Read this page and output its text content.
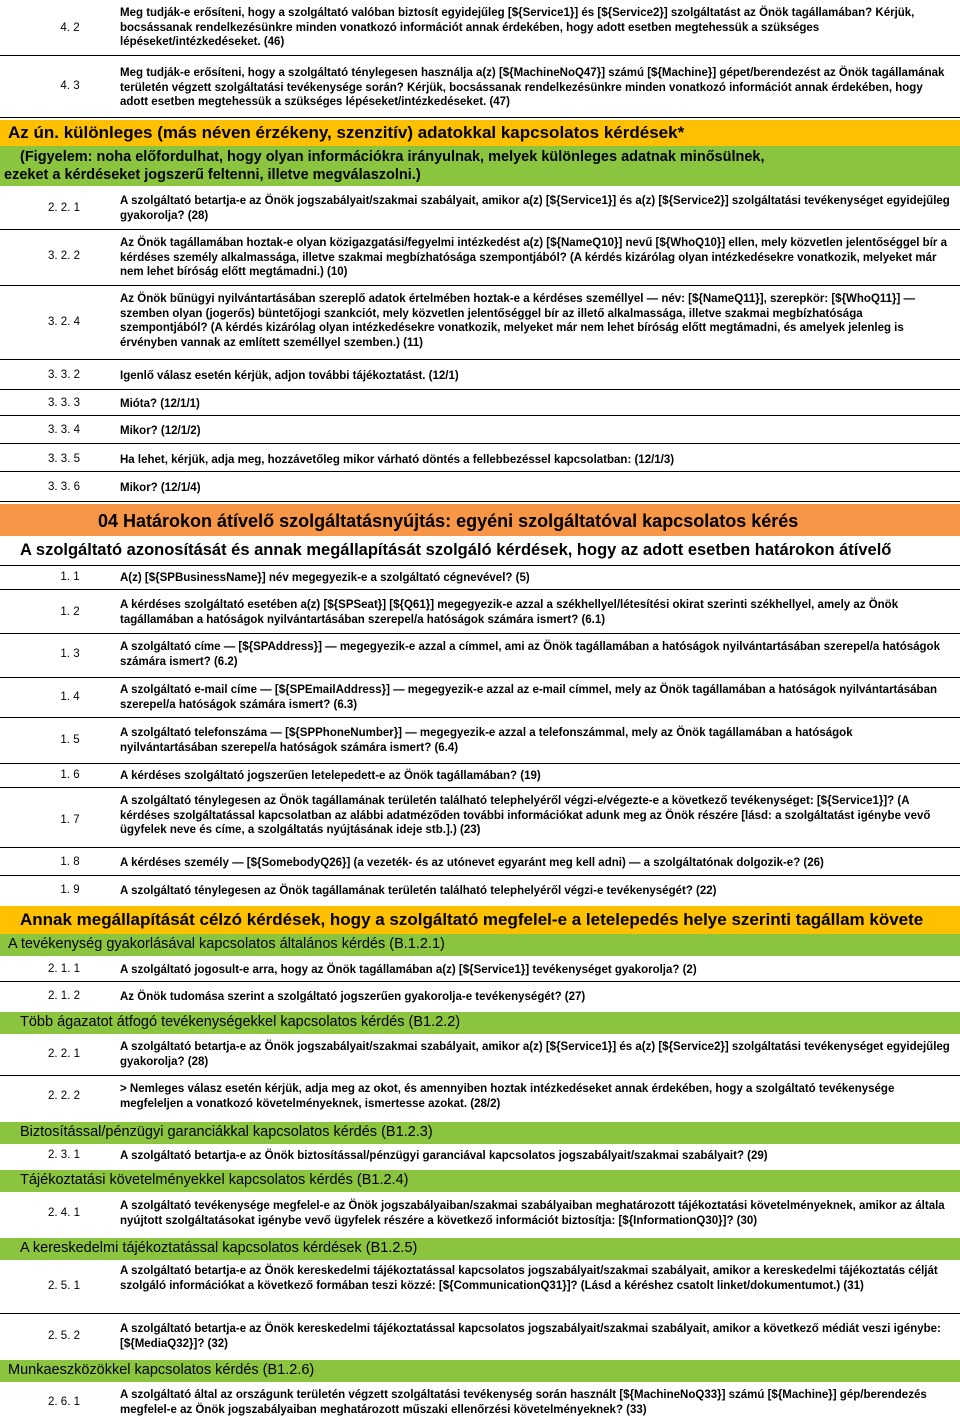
4. 2
Meg tudják-e erősíteni, hogy a szolgáltató valóban biztosít egyidejűleg [${Service1}] és [${Service2}] szolgáltatást az Önök tagállamában? Kérjük, bocsássanak rendelkezésünkre minden vonatkozó információt annak érdekében, hogy adott esetben megtehessük a szükséges lépéseket/intézkedéseket. (46)
4. 3
Meg tudják-e erősíteni, hogy a szolgáltató ténylegesen használja a(z) [${MachineNoQ47}] számú [${Machine}] gépet/berendezést az Önök tagállamának területén végzett szolgáltatási tevékenysége során? Kérjük, bocsássanak rendelkezésünkre minden vonatkozó információt annak érdekében, hogy adott esetben megtehessük a szükséges lépéseket/intézkedéseket. (47)
Az ún. különleges (más néven érzékeny, szenzitív) adatokkal kapcsolatos kérdések*
(Figyelem: noha előfordulhat, hogy olyan információkra irányulnak, melyek különleges adatnak minősülnek,
ezeket a kérdéseket jogszerű feltenni, illetve megválaszolni.)
2. 2. 1
A szolgáltató betartja-e az Önök jogszabályait/szakmai szabályait, amikor a(z) [${Service1}] és a(z) [${Service2}] szolgáltatási tevékenységet egyidejűleg gyakorolja? (28)
3. 2. 2
Az Önök tagállamában hoztak-e olyan közigazgatási/fegyelmi intézkedést a(z) [${NameQ10}] nevű [${WhoQ10}] ellen, mely közvetlen jelentőséggel bír a kérdéses személy alkalmassága, illetve szakmai megbízhatósága szempontjából? (A kérdés kizárólag olyan intézkedésekre vonatkozik, melyeket már nem lehet bíróság előtt megtámadni.) (10)
3. 2. 4
Az Önök bűnügyi nyilvántartásában szereplő adatok értelmében hoztak-e a kérdéses személlyel — név: [${NameQ11}], szerepkör: [${WhoQ11}] — szemben olyan (jogerős) büntetőjogi szankciót, mely közvetlen jelentőséggel bír az illető alkalmassága, illetve szakmai megbízhatósága szempontjából? (A kérdés kizárólag olyan intézkedésekre vonatkozik, melyeket már nem lehet bíróság előtt megtámadni, és amelyek jelenleg is érvényben vannak az említett személlyel szemben.) (11)
3. 3. 2	Igenlő válasz esetén kérjük, adjon további tájékoztatást. (12/1)
3. 3. 3	Mióta? (12/1/1)
3. 3. 4	Mikor? (12/1/2)
3. 3. 5	Ha lehet, kérjük, adja meg, hozzávetőleg mikor várható döntés a fellebbezéssel kapcsolatban: (12/1/3)
3. 3. 6	Mikor? (12/1/4)
04 Határokon átívelő szolgáltatásnyújtás: egyéni szolgáltatóval kapcsolatos kérés
A szolgáltató azonosítását és annak megállapítását szolgáló kérdések, hogy az adott esetben határokon átívelő
1. 1	A(z) [${SPBusinessName}] név megegyezik-e a szolgáltató cégnevével? (5)
1. 2
A kérdéses szolgáltató esetében a(z) [${SPSeat}] [${Q61}] megegyezik-e azzal a székhellyel/létesítési okirat szerinti székhellyel, amely az Önök tagállamában a hatóságok nyilvántartásában szerepel/a hatóságok számára ismert? (6.1)
1. 3
A szolgáltató címe — [${SPAddress}] — megegyezik-e azzal a címmel, ami az Önök tagállamában a hatóságok nyilvántartásában szerepel/a hatóságok számára ismert? (6.2)
1. 4
A szolgáltató e-mail címe — [${SPEmailAddress}] — megegyezik-e azzal az e-mail címmel, mely az Önök tagállamában a hatóságok nyilvántartásában szerepel/a hatóságok számára ismert? (6.3)
1. 5
A szolgáltató telefonszáma — [${SPPhoneNumber}] — megegyezik-e azzal a telefonszámmal, mely az Önök tagállamában a hatóságok nyilvántartásában szerepel/a hatóságok számára ismert? (6.4)
1. 6	A kérdéses szolgáltató jogszerűen letelepedett-e az Önök tagállamában? (19)
1. 7
A szolgáltató ténylegesen az Önök tagállamának területén található telephelyéről végzi-e/végezte-e a következő tevékenységet: [${Service1}]? (A kérdéses szolgáltatással kapcsolatban az alábbi adatméződen további információkat adunk meg az Önök részére [lásd: a szolgáltatást igénybe vevő ügyfelek neve és címe, a szolgáltatás nyújtásának ideje stb.].) (23)
1. 8	A kérdéses személy — [${SomebodyQ26}] (a vezeték- és az utónevet egyaránt meg kell adni) — a szolgáltatónak dolgozik-e? (26)
1. 9	A szolgáltató ténylegesen az Önök tagállamának területén található telephelyéről végzi-e tevékenységét? (22)
Annak megállapítását célzó kérdések, hogy a szolgáltató megfelel-e a letelepedés helye szerinti tagállam követe
A tevékenység gyakorlásával kapcsolatos általános kérdés (B.1.2.1)
2. 1. 1	A szolgáltató jogosult-e arra, hogy az Önök tagállamában a(z) [${Service1}] tevékenységet gyakorolja? (2)
2. 1. 2	Az Önök tudomása szerint a szolgáltató jogszerűen gyakorolja-e tevékenységét? (27)
Több ágazatot átfogó tevékenységekkel kapcsolatos kérdés (B1.2.2)
2. 2. 1
A szolgáltató betartja-e az Önök jogszabályait/szakmai szabályait, amikor a(z) [${Service1}] és a(z) [${Service2}] szolgáltatási tevékenységet egyidejűleg gyakorolja? (28)
2. 2. 2
> Nemleges válasz esetén kérjük, adja meg az okot, és amennyiben hoztak intézkedéseket annak érdekében, hogy a szolgáltató tevékenysége megfeleljen a vonatkozó követelményeknek, ismertesse azokat. (28/2)
Biztosítással/pénzügyi garanciákkal kapcsolatos kérdés (B1.2.3)
2. 3. 1	A szolgáltató betartja-e az Önök biztosítással/pénzügyi garanciával kapcsolatos jogszabályait/szakmai szabályait? (29)
Tájékoztatási követelményekkel kapcsolatos kérdés (B1.2.4)
2. 4. 1
A szolgáltató tevékenysége megfelel-e az Önök jogszabályaiban/szakmai szabályaiban meghatározott tájékoztatási követelményeknek, amikor az általa nyújtott szolgáltatásokat igénybe vevő ügyfelek részére a következő információt biztosítja: [${InformationQ30}]? (30)
A kereskedelmi tájékoztatással kapcsolatos kérdések (B1.2.5)
2. 5. 1
A szolgáltató betartja-e az Önök kereskedelmi tájékoztatással kapcsolatos jogszabályait/szakmai szabályait, amikor a kereskedelmi tájékoztatás célját szolgáló információkat a következő formában teszi közzé: [${CommunicationQ31}]? (Lásd a kéréshez csatolt linket/dokumentumot.) (31)
2. 5. 2
A szolgáltató betartja-e az Önök kereskedelmi tájékoztatással kapcsolatos jogszabályait/szakmai szabályait, amikor a következő médiát veszi igénybe: [${MediaQ32}]? (32)
Munkaeszközökkel kapcsolatos kérdés (B1.2.6)
2. 6. 1
A szolgáltató által az országunk területén végzett szolgáltatási tevékenység során használt [${MachineNoQ33}] számú [${Machine}] gép/berendezés megfelel-e az Önök jogszabályaiban meghatározott műszaki ellenőrzési követelményeknek? (33)
